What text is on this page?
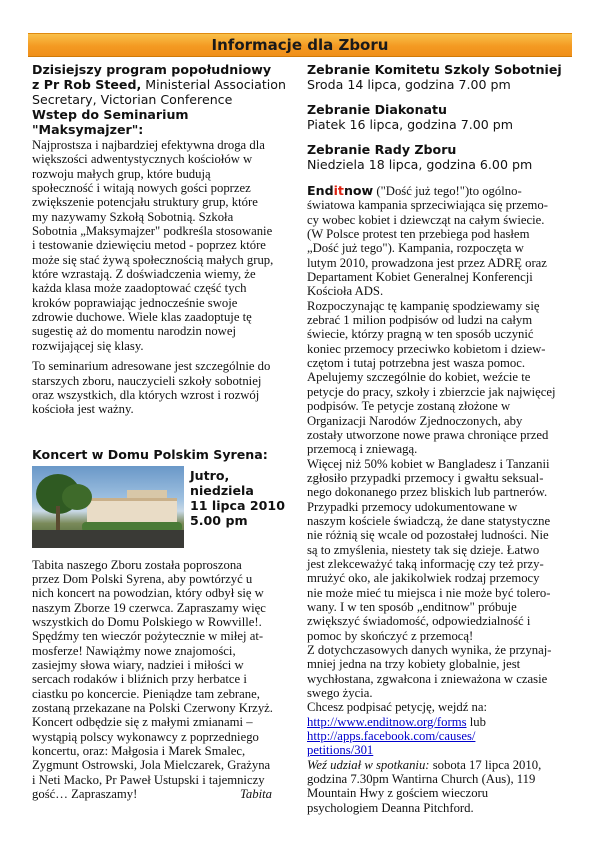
Informacje dla Zboru

Dzisiejszy program popołudniowy

z Pr Rob Steed, Ministerial Association

Secretary, Victorian Conference

Wstep do Seminarium "Maksymajzer":

Najprostsza i najbardziej efektywna droga dla

większości adwentystycznych kościołów w

rozwoju małych grup, które budują

społeczność i witają nowych gości poprzez

zwiększenie potencjału struktury grup, które

my nazywamy Szkołą Sobotnią. Szkoła

Sobotnia „Maksymajzer" podkreśla stosowanie

i testowanie dziewięciu metod - poprzez które

może się stać żywą społecznością małych grup,

które wzrastają. Z doświadczenia wiemy, że

każda klasa może zaadoptować część tych

kroków poprawiając jednocześnie swoje

zdrowie duchowe. Wiele klas zaadoptuje tę

sugestię aż do momentu narodzin nowej

rozwijającej się klasy.

To seminarium adresowane jest szczególnie do

starszych zboru, nauczycieli szkoły sobotniej

oraz wszystkich, dla których wzrost i rozwój

kościoła jest ważny.

Koncert w Domu Polskim Syrena:

Jutro,
niedziela
11 lipca 2010
5.00 pm

Tabita naszego Zboru została poproszona

przez Dom Polski Syrena, aby powtórzyć u

nich koncert na powodzian, który odbył się w

naszym Zborze 19 czerwca. Zapraszamy więc

wszystkich do Domu Polskiego w Rowville!.

Spędźmy ten wieczór pożytecznie w miłej at-

mosferze! Nawiążmy nowe znajomości,

zasiejmy słowa wiary, nadziei i miłości w

sercach rodaków i bliźnich przy herbatce i

ciastku po koncercie. Pieniądze tam zebrane,

zostaną przekazane na Polski Czerwony Krzyż.

Koncert odbędzie się z małymi zmianami –

wystąpią polscy wykonawcy z poprzedniego

koncertu, oraz: Małgosia i Marek Smalec,

Zygmunt Ostrowski, Jola Mielczarek, Grażyna

i Neti Macko, Pr Paweł Ustupski i tajemniczy

gość… Zapraszamy!	Tabita

Zebranie Komitetu Szkoly Sobotniej

Sroda 14 lipca, godzina 7.00 pm

Zebranie Diakonatu

Piatek 16 lipca, godzina 7.00 pm

Zebranie Rady Zboru

Niedziela 18 lipca, godzina 6.00 pm

Enditnow ("Dość już tego!")to ogólno-

światowa kampania sprzeciwiająca się przemo-

cy wobec kobiet i dziewcząt na całym świecie.

(W Polsce protest ten przebiega pod hasłem

„Dość już tego"). Kampania, rozpoczęta w

lutym 2010, prowadzona jest przez ADRĘ oraz

Departament Kobiet Generalnej Konferencji

Kościoła ADS.

Rozpoczynając tę kampanię spodziewamy się

zebrać 1 milion podpisów od ludzi na całym

świecie, którzy pragną w ten sposób uczynić

koniec przemocy przeciwko kobietom i dziew-

czętom i tutaj potrzebna jest wasza pomoc.

Apelujemy szczególnie do kobiet, weźcie te

petycje do pracy, szkoły i zbierzcie jak najwięcej

podpisów. Te petycje zostaną złożone w

Organizacji Narodów Zjednoczonych, aby

zostały utworzone nowe prawa chroniące przed

przemocą i zniewagą.

Więcej niż 50% kobiet w Bangladesz i Tanzanii

zgłosiło przypadki przemocy i gwałtu seksual-

nego dokonanego przez bliskich lub partnerów.

Przypadki przemocy udokumentowane w

naszym kościele świadczą, że dane statystyczne

nie różnią się wcale od pozostałej ludności. Nie

są to zmyślenia, niestety tak się dzieje. Łatwo

jest zlekceważyć taką informację czy też przy-

mrużyć oko, ale jakikolwiek rodzaj przemocy

nie może mieć tu miejsca i nie może być tolero-

wany. I w ten sposób „enditnow" próbuje

zwiększyć świadomość, odpowiedzialność i

pomoc by skończyć z przemocą!

Z dotychczasowych danych wynika, że przynaj-

mniej jedna na trzy kobiety globalnie, jest

wychłostana, zgwałcona i znieważona w czasie

swego życia.

Chcesz podpisać petycję, wejdź na:

http://www.enditnow.org/forms lub

http://apps.facebook.com/causes/

petitions/301

Weź udział w spotkaniu: sobota 17 lipca 2010,

godzina 7.30pm Wantirna Church (Aus), 119

Mountain Hwy z gościem wieczoru

psychologiem Deanna Pitchford.
